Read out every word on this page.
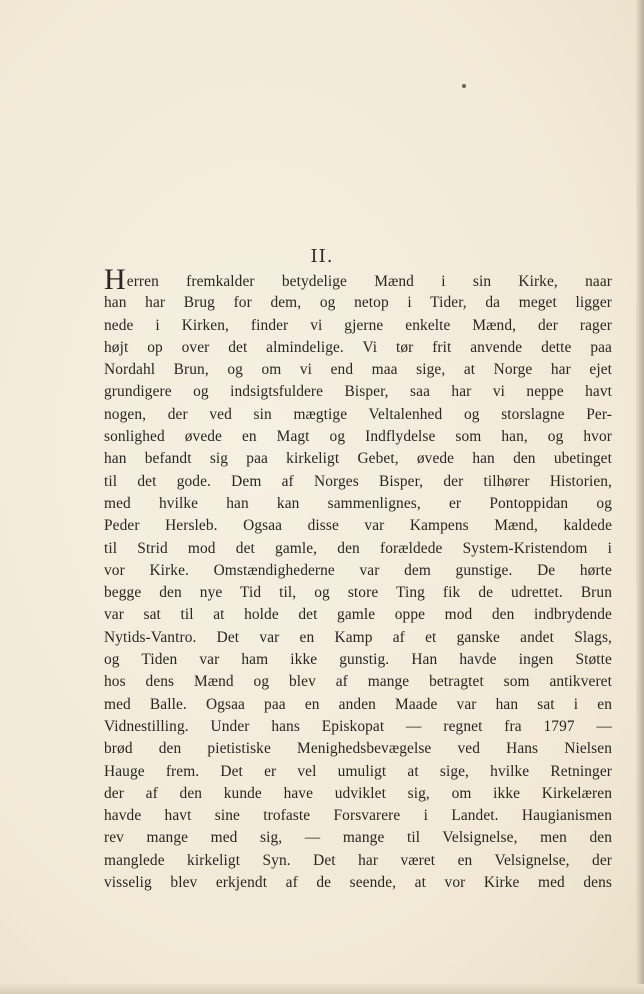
II.
Herren fremkalder betydelige Mænd i sin Kirke, naar
han har Brug for dem, og netop i Tider, da meget ligger
nede i Kirken, finder vi gjerne enkelte Mænd, der rager
højt op over det almindelige. Vi tør frit anvende dette paa
Nordahl Brun, og om vi end maa sige, at Norge har ejet
grundigere og indsigtsfuldere Bisper, saa har vi neppe havt
nogen, der ved sin mægtige Veltalenhed og storslagne Per-
sonlighed øvede en Magt og Indflydelse som han, og hvor
han befandt sig paa kirkeligt Gebet, øvede han den ubetinget
til det gode. Dem af Norges Bisper, der tilhører Historien,
med hvilke han kan sammenlignes, er Pontoppidan og
Peder Hersleb. Ogsaa disse var Kampens Mænd, kaldede
til Strid mod det gamle, den forældede System-Kristendom i
vor Kirke. Omstændighederne var dem gunstige. De hørte
begge den nye Tid til, og store Ting fik de udrettet. Brun
var sat til at holde det gamle oppe mod den indbrydende
Nytids-Vantro. Det var en Kamp af et ganske andet Slags,
og Tiden var ham ikke gunstig. Han havde ingen Støtte
hos dens Mænd og blev af mange betragtet som antikveret
med Balle. Ogsaa paa en anden Maade var han sat i en
Vidnestilling. Under hans Episkopat — regnet fra 1797 —
brød den pietistiske Menighedsbevægelse ved Hans Nielsen
Hauge frem. Det er vel umuligt at sige, hvilke Retninger
der af den kunde have udviklet sig, om ikke Kirkelæren
havde havt sine trofaste Forsvarere i Landet. Haugianismen
rev mange med sig, — mange til Velsignelse, men den
manglede kirkeligt Syn. Det har været en Velsignelse, der
visselig blev erkjendt af de seende, at vor Kirke med dens
